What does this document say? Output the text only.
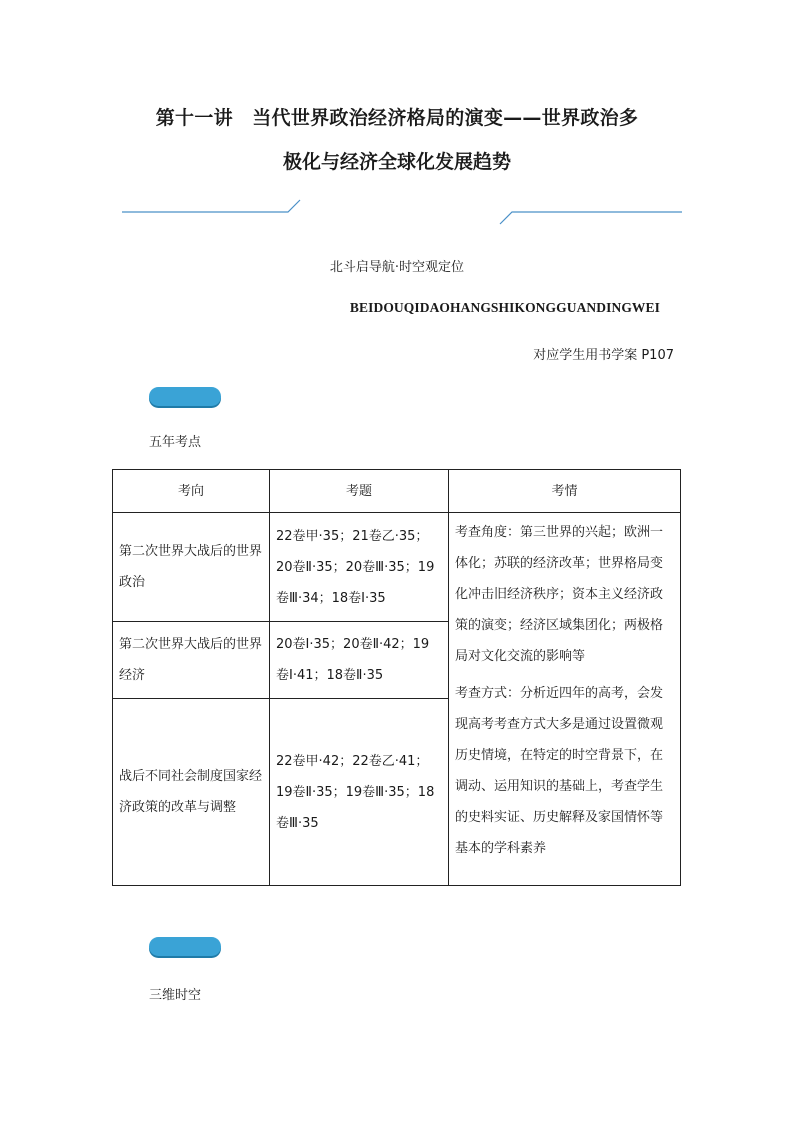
第十一讲　当代世界政治经济格局的演变——世界政治多
极化与经济全球化发展趋势
北斗启导航·时空观定位
BEIDOUQIDAOHANGSHIKONGGUANDINGWEI
对应学生用书学案 P107
五年考点
考向	考题	考情
第二次世界大战后的世界政治	22卷甲·35；21卷乙·35；20卷Ⅱ·35；20卷Ⅲ·35；19卷Ⅲ·34；18卷Ⅰ·35	考查角度：第三世界的兴起；欧洲一体化；苏联的经济改革；世界格局变化冲击旧经济秩序；资本主义经济政策的演变；经济区域集团化；两极格局对文化交流的影响等

考查方式：分析近四年的高考，会发现高考考查方式大多是通过设置微观历史情境，在特定的时空背景下，在调动、运用知识的基础上，考查学生的史料实证、历史解释及家国情怀等基本的学科素养

第二次世界大战后的世界经济	20卷Ⅰ·35；20卷Ⅱ·42；19卷Ⅰ·41；18卷Ⅱ·35	
战后不同社会制度国家经济政策的改革与调整	22卷甲·42；22卷乙·41；19卷Ⅱ·35；19卷Ⅲ·35；18卷Ⅲ·35	
三维时空
